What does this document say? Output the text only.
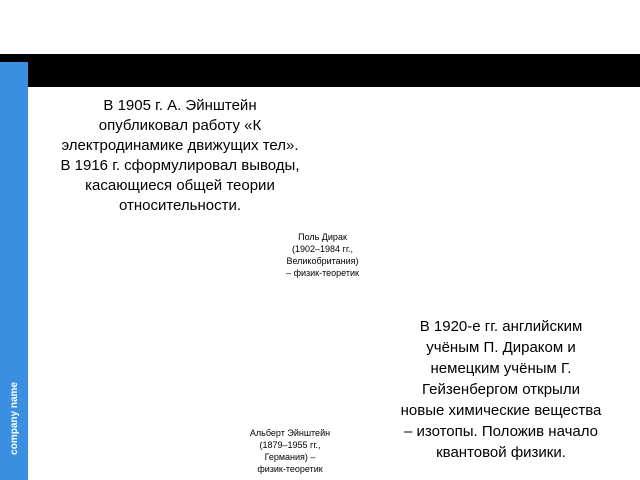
company name
В 1905 г. А. Эйнштейн
опубликовал работу «К
электродинамике движущих тел».
В 1916 г. сформулировал выводы,
касающиеся общей теории
относительности.
Поль Дирак
(1902–1984 гг.,
Великобритания)
– физик-теоретик
В 1920-е гг. английским
учёным П. Дираком и
немецким учёным Г.
Гейзенбергом открыли
новые химические вещества
– изотопы. Положив начало
квантовой физики.
Альберт Эйнштейн
(1879–1955 гг.,
Германия) –
физик-теоретик
